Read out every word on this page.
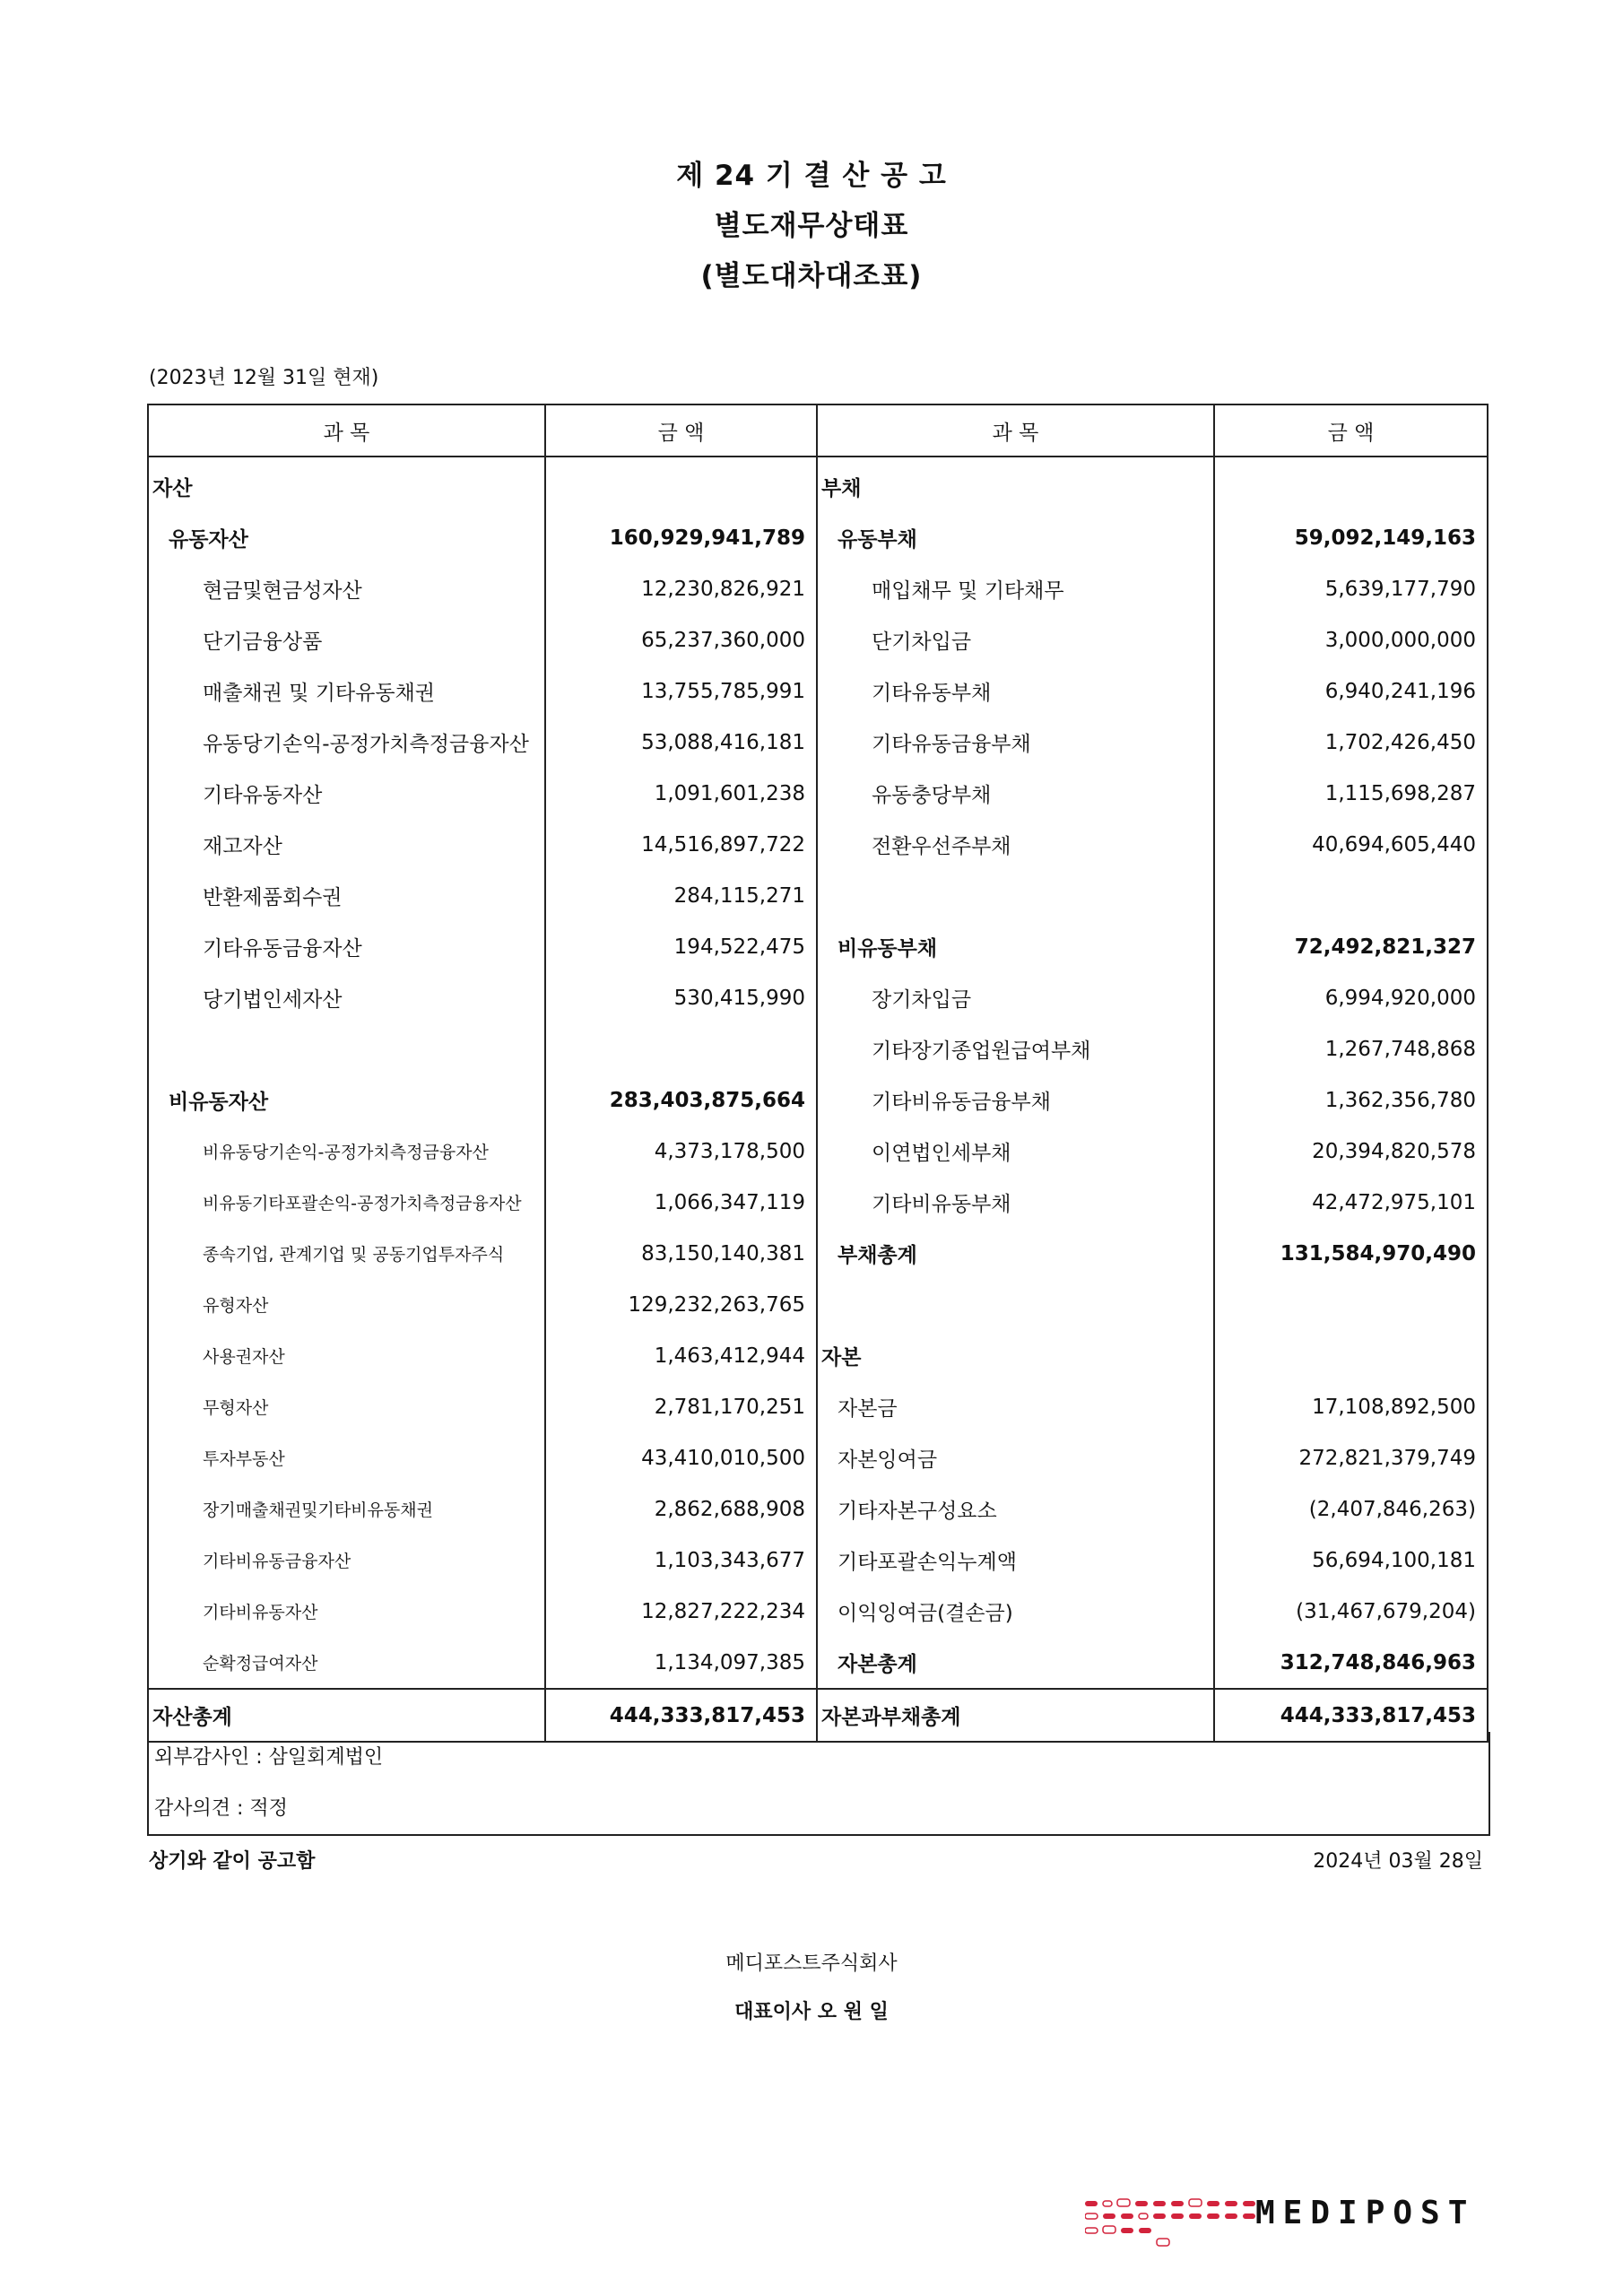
제 24 기 결 산 공 고
별도재무상태표
(별도대차대조표)
(2023년 12월 31일 현재)
과 목	금 액	과 목	금 액
자산		부채	
유동자산	160,929,941,789	유동부채	59,092,149,163
현금및현금성자산	12,230,826,921	매입채무 및 기타채무	5,639,177,790
단기금융상품	65,237,360,000	단기차입금	3,000,000,000
매출채권 및 기타유동채권	13,755,785,991	기타유동부채	6,940,241,196
유동당기손익-공정가치측정금융자산	53,088,416,181	기타유동금융부채	1,702,426,450
기타유동자산	1,091,601,238	유동충당부채	1,115,698,287
재고자산	14,516,897,722	전환우선주부채	40,694,605,440
반환제품회수권	284,115,271		
기타유동금융자산	194,522,475	비유동부채	72,492,821,327
당기법인세자산	530,415,990	장기차입금	6,994,920,000
		기타장기종업원급여부채	1,267,748,868
비유동자산	283,403,875,664	기타비유동금융부채	1,362,356,780
비유동당기손익-공정가치측정금융자산	4,373,178,500	이연법인세부채	20,394,820,578
비유동기타포괄손익-공정가치측정금융자산	1,066,347,119	기타비유동부채	42,472,975,101
종속기업, 관계기업 및 공동기업투자주식	83,150,140,381	부채총계	131,584,970,490
유형자산	129,232,263,765		
사용권자산	1,463,412,944	자본	
무형자산	2,781,170,251	자본금	17,108,892,500
투자부동산	43,410,010,500	자본잉여금	272,821,379,749
장기매출채권및기타비유동채권	2,862,688,908	기타자본구성요소	(2,407,846,263)
기타비유동금융자산	1,103,343,677	기타포괄손익누계액	56,694,100,181
기타비유동자산	12,827,222,234	이익잉여금(결손금)	(31,467,679,204)
순확정급여자산	1,134,097,385	자본총계	312,748,846,963
자산총계	444,333,817,453	자본과부채총계	444,333,817,453
외부감사인 : 삼일회계법인
감사의견 : 적정
상기와 같이 공고함	2024년 03월 28일
메디포스트주식회사
대표이사 오 원 일
MEDIPOST
